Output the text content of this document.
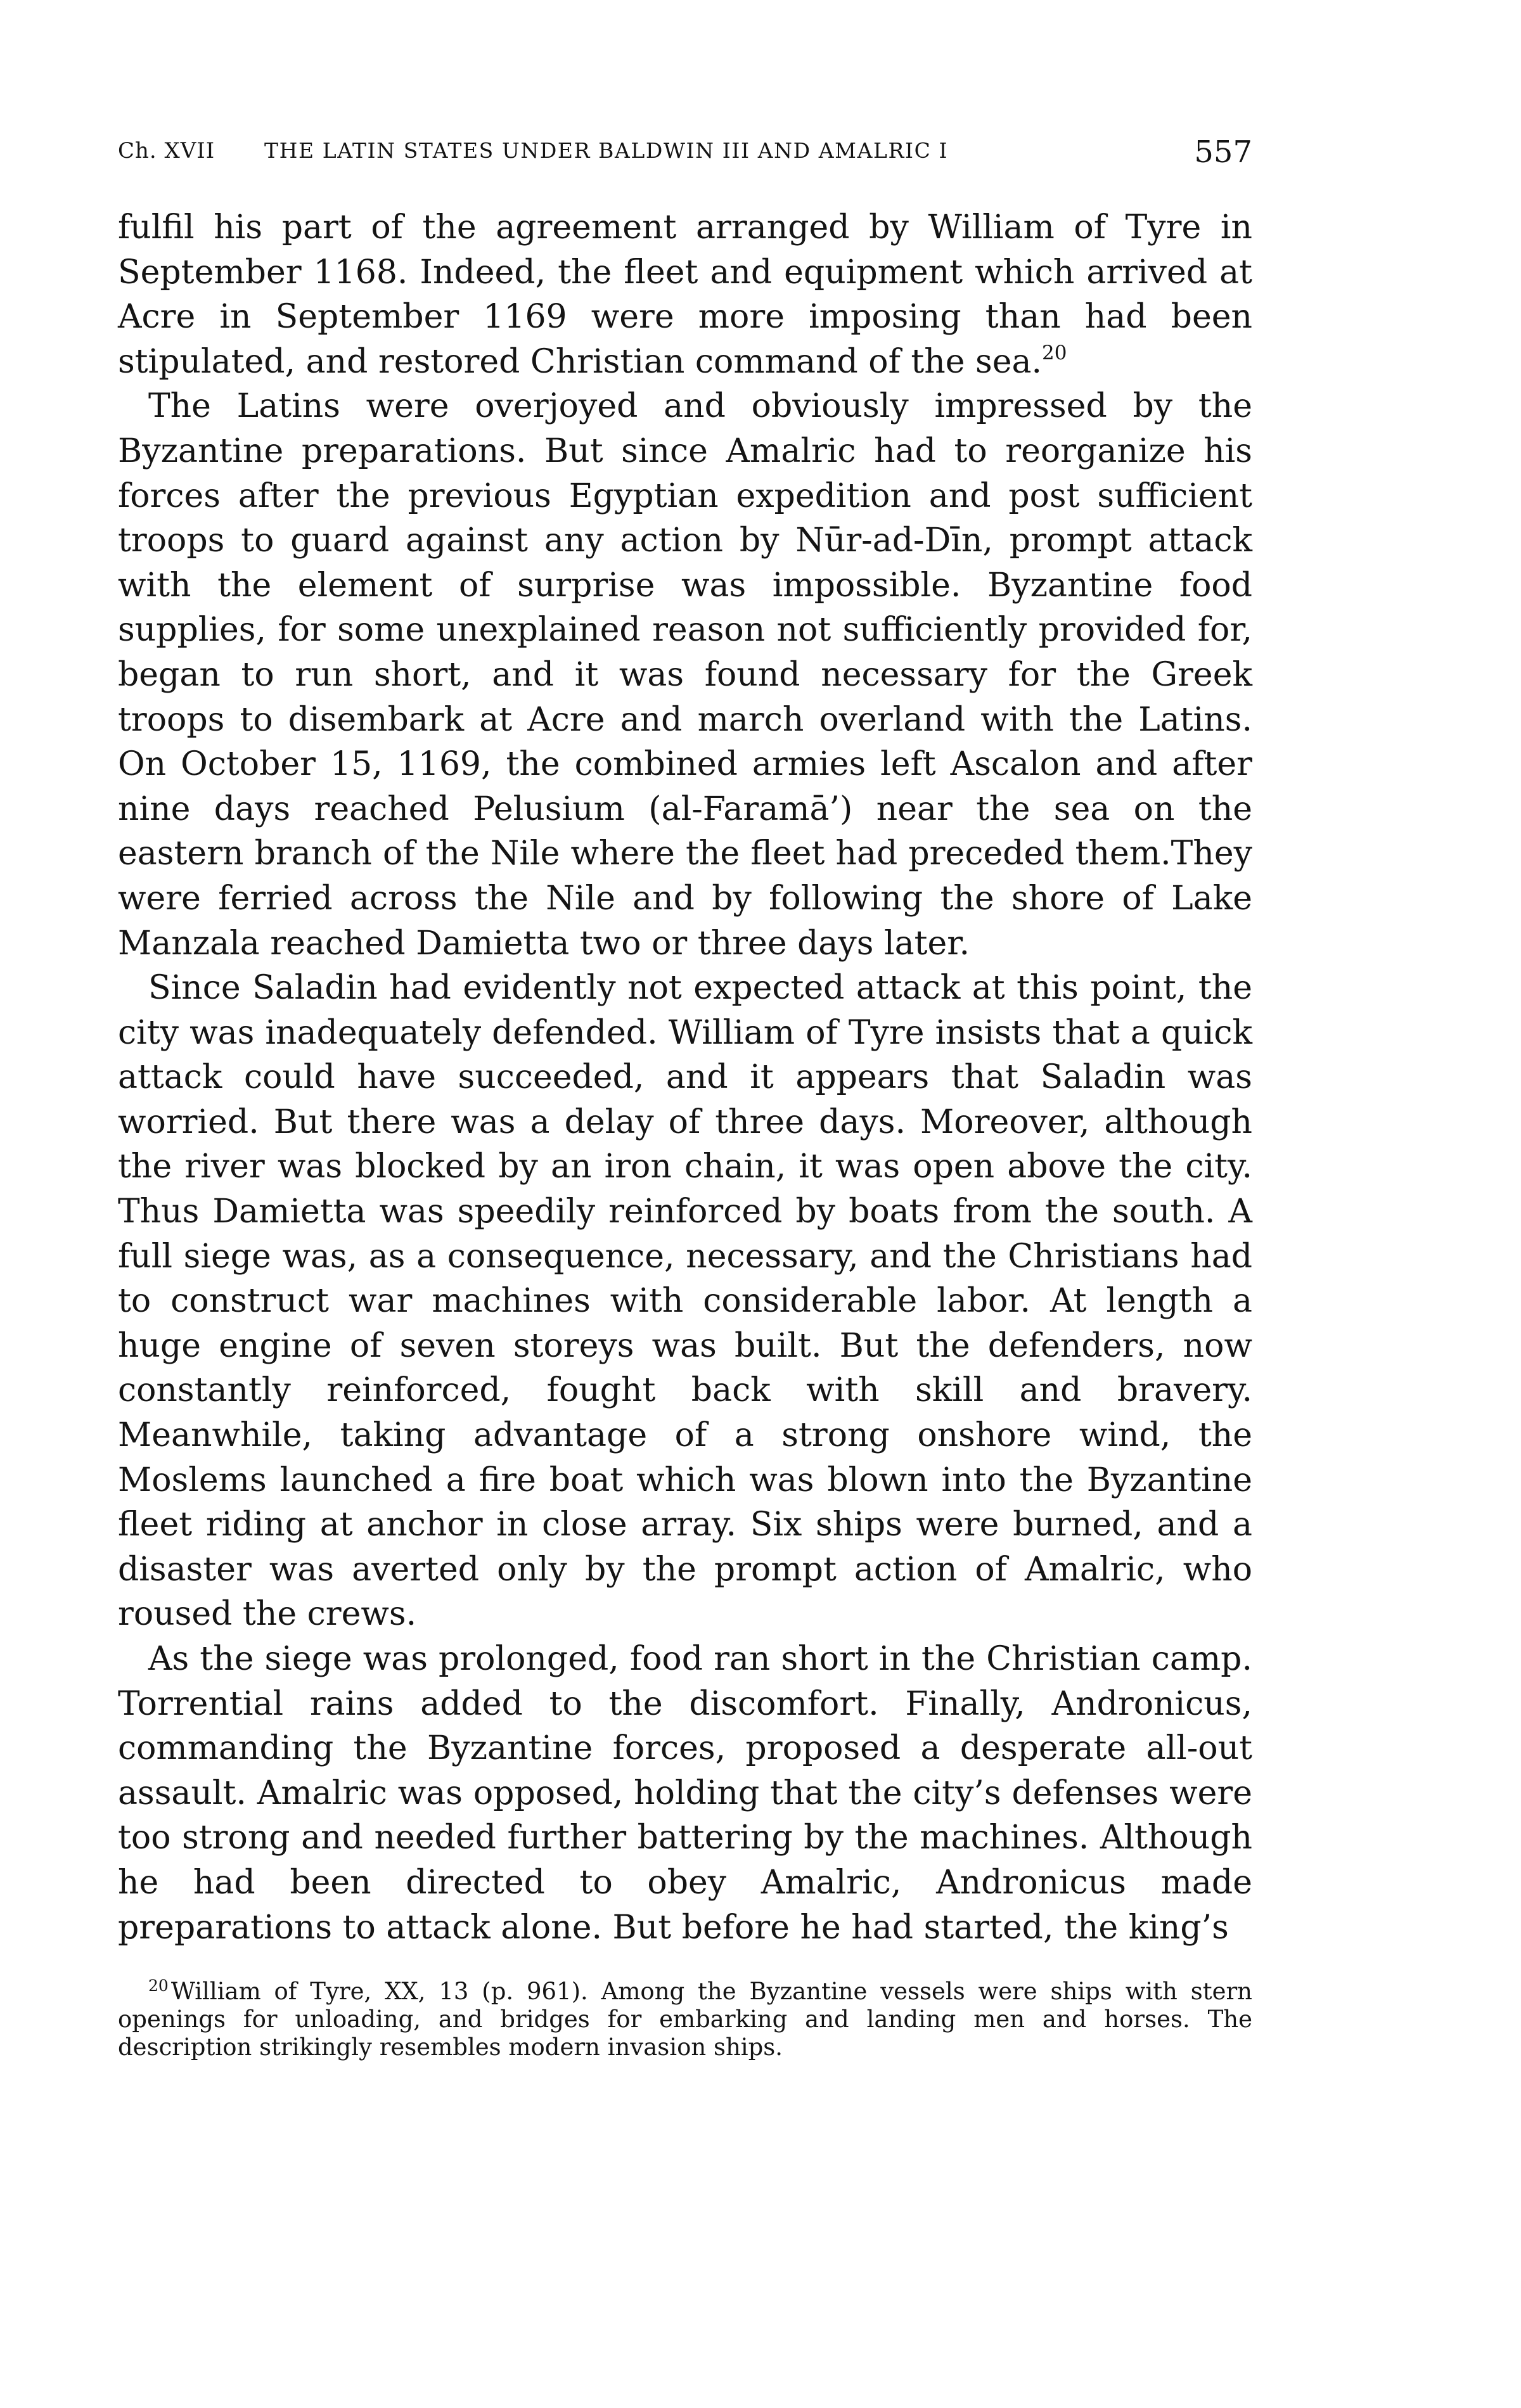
Ch. XVII THE LATIN STATES UNDER BALDWIN III AND AMALRIC I	557

fulfil his part of the agreement arranged by William of Tyre in September 1168. Indeed, the fleet and equipment which arrived at Acre in September 1169 were more imposing than had been stipulated, and restored Christian command of the sea.$^{20}$

The Latins were overjoyed and obviously impressed by the Byzantine preparations. But since Amalric had to reorganize his forces after the previous Egyptian expedition and post sufficient troops to guard against any action by Nūr-ad-Dīn, prompt attack with the element of surprise was impossible. Byzantine food supplies, for some unexplained reason not sufficiently provided for, began to run short, and it was found necessary for the Greek troops to disembark at Acre and march overland with the Latins. On October 15, 1169, the combined armies left Ascalon and after nine days reached Pelusium (al-Faramā’) near the sea on the eastern branch of the Nile where the fleet had preceded them.They were ferried across the Nile and by following the shore of Lake Manzala reached Damietta two or three days later.

Since Saladin had evidently not expected attack at this point, the city was inadequately defended. William of Tyre insists that a quick attack could have succeeded, and it appears that Saladin was worried. But there was a delay of three days. Moreover, although the river was blocked by an iron chain, it was open above the city. Thus Damietta was speedily reinforced by boats from the south. A full siege was, as a consequence, necessary, and the Christians had to construct war machines with considerable labor. At length a huge engine of seven storeys was built. But the defenders, now constantly reinforced, fought back with skill and bravery. Meanwhile, taking advantage of a strong onshore wind, the Moslems launched a fire boat which was blown into the Byzantine fleet riding at anchor in close array. Six ships were burned, and a disaster was averted only by the prompt action of Amalric, who roused the crews.

As the siege was prolonged, food ran short in the Christian camp. Torrential rains added to the discomfort. Finally, Andronicus, commanding the Byzantine forces, proposed a desperate all-out assault. Amalric was opposed, holding that the city’s defenses were too strong and needed further battering by the machines. Although he had been directed to obey Amalric, Andronicus made preparations to attack alone. But before he had started, the king’s

$^{20}$ William of Tyre, XX, 13 (p. 961). Among the Byzantine vessels were ships with stern openings for unloading, and bridges for embarking and landing men and horses. The description strikingly resembles modern invasion ships.
